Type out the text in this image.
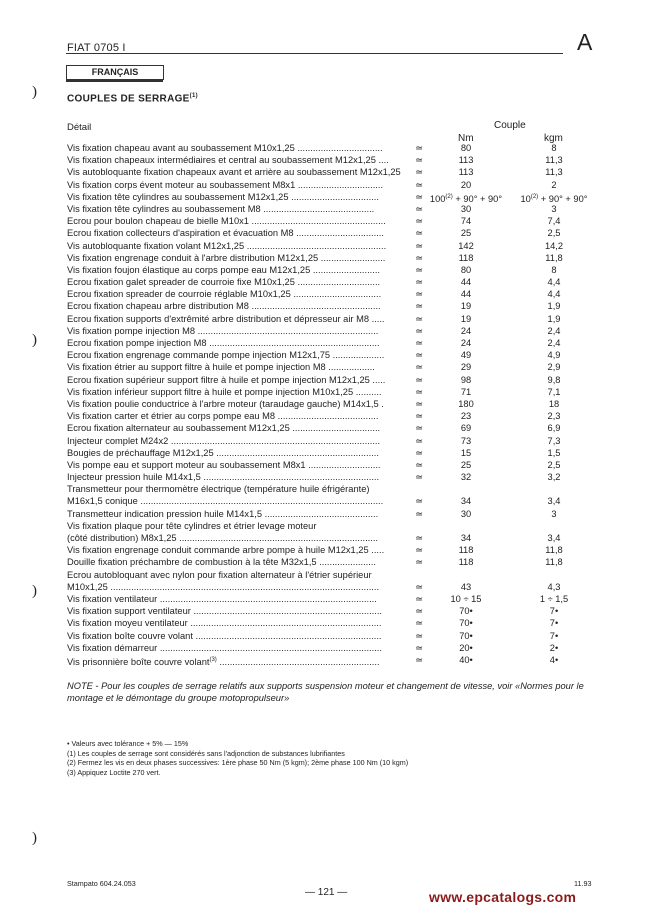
FIAT 0705 I	A
FRANÇAIS
COUPLES DE SERRAGE$^{(1)}$
)
)
)
)
Détail	Couple
Nm	kgm
Vis fixation chapeau avant au soubassement M10x1,25 .................................	≃	80	8
Vis fixation chapeaux intermédiaires et central au soubassement M12x1,25 ....	≃	113	11,3
Vis autobloquante fixation chapeaux avant et arrière au soubassement M12x1,25	≃	113	11,3
Vis fixation corps évent moteur au soubassement M8x1 .................................	≃	20	2
Vis fixation tête cylindres au soubassement M12x1,25 ..................................	≃ $100^{(2)} + 90^\circ + 90^\circ$	$10^{(2)} + 90^\circ + 90^\circ$
Vis fixation tête cylindres au soubassement M8 ...........................................	≃	30	3
Ecrou pour boulon chapeau de bielle M10x1 ....................................................	≃	74	7,4
Ecrou fixation collecteurs d'aspiration et évacuation M8 ..................................	≃	25	2,5
Vis autobloquante fixation volant M12x1,25 ......................................................	≃	142	14,2
Vis fixation engrenage conduit à l'arbre distribution M12x1,25 .........................	≃	118	11,8
Vis fixation foujon élastique au corps pompe eau M12x1,25 ..........................	≃	80	8
Ecrou fixation galet spreader de courroie fixe M10x1,25 ................................	≃	44	4,4
Ecrou fixation spreader de courroie réglable M10x1,25 ..................................	≃	44	4,4
Ecrou fixation chapeau arbre distribution M8 ..................................................	≃	19	1,9
Ecrou fixation supports d'extrêmité arbre distribution et dépresseur air M8 .....	≃	19	1,9
Vis fixation pompe injection M8 ......................................................................	≃	24	2,4
Ecrou fixation pompe injection M8 ..................................................................	≃	24	2,4
Ecrou fixation engrenage commande pompe injection M12x1,75 ....................	≃	49	4,9
Vis fixation étrier au support filtre à huile et pompe injection M8 ..................	≃	29	2,9
Ecrou fixation supérieur support filtre à huile et pompe injection M12x1,25 .....	≃	98	9,8
Vis fixation inférieur support filtre à huile et pompe injection M10x1,25 ..........	≃	71	7,1
Vis fixation poulie conductrice à l'arbre moteur (taraudage gauche) M14x1,5 .	≃	180	18
Vis fixation carter et étrier au corps pompe eau M8 .......................................	≃	23	2,3
Ecrou fixation alternateur au soubassement M12x1,25 ..................................	≃	69	6,9
Injecteur complet M24x2 .................................................................................	≃	73	7,3
Bougies de préchauffage M12x1,25 ...............................................................	≃	15	1,5
Vis pompe eau et support moteur au soubassement M8x1 ............................	≃	25	2,5
Injecteur pression huile M14x1,5 ....................................................................	≃	32	3,2
Transmetteur pour thermomètre électrique (température huile éfrigérante)
M16x1,5 conique ..............................................................................................	≃	34	3,4
Transmetteur indication pression huile M14x1,5 ............................................	≃	30	3
Vis fixation plaque pour tête cylindres et étrier levage moteur
(côté distribution) M8x1,25 .............................................................................	≃	34	3,4
Vis fixation engrenage conduit commande arbre pompe à huile M12x1,25 .....	≃	118	11,8
Douille fixation préchambre de combustion à la tête M32x1,5 ......................	≃	118	11,8
Ecrou autobloquant avec nylon pour fixation alternateur à l'étrier supérieur
M10x1,25 ........................................................................................................	≃	43	4,3
Vis fixation ventilateur ....................................................................................	≃	10 ÷ 15	1 ÷ 1,5
Vis fixation support ventilateur .........................................................................	≃	70•	7•
Vis fixation moyeu ventilateur ..........................................................................	≃	70•	7•
Vis fixation boîte couvre volant ........................................................................	≃	70•	7•
Vis fixation démarreur ......................................................................................	≃	20•	2•
Vis prisonnière boîte couvre volant$^{(3)}$ ..............................................................	≃	40•	4•
NOTE - Pour les couples de serrage relatifs aux supports suspension moteur et changement de vitesse, voir «Normes pour le montage et le démontage du groupe motopropulseur»
• Valeurs avec tolérance + 5% — 15%
(1) Les couples de serrage sont considérés sans l'adjonction de substances lubrifiantes
(2) Fermez les vis en deux phases successives: 1ère phase 50 Nm (5 kgm); 2ème phase 100 Nm (10 kgm)
(3) Appiquez Loctite 270 vert.
Stampato 604.24.053
— 121 —
11.93
www.epcatalogs.com
